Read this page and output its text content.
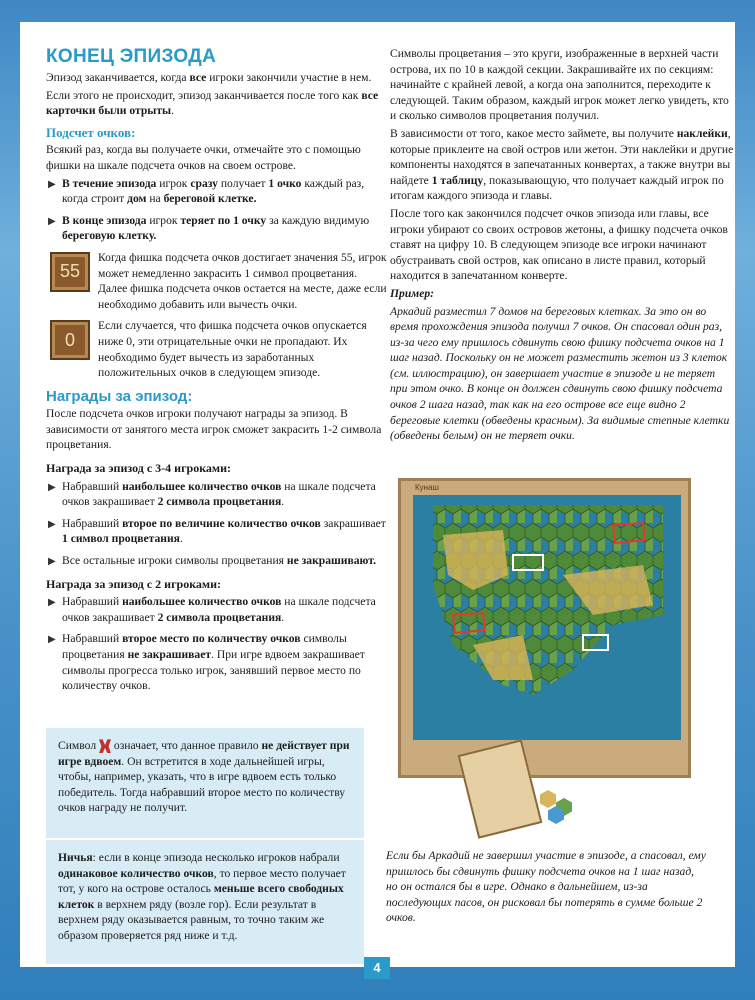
КОНЕЦ ЭПИЗОДА

Эпизод заканчивается, когда все игроки закончили участие в нем.

Если этого не происходит, эпизод заканчивается после того как все карточки были отрыты.

Подсчет очков:

Всякий раз, когда вы получаете очки, отмечайте это с помощью фишки на шкале подсчета очков на своем острове.

▶ В течение эпизода игрок сразу получает 1 очко каждый раз, когда строит дом на береговой клетке.
▶ В конце эпизода игрок теряет по 1 очку за каждую видимую береговую клетку.
55
Когда фишка подсчета очков достигает значения 55, игрок может немедленно закрасить 1 символ процветания. Далее фишка подсчета очков остается на месте, даже если необходимо добавить или вычесть очки.
0
Если случается, что фишка подсчета очков опускается ниже 0, эти отрицательные очки не пропадают. Их необходимо будет вычесть из заработанных положительных очков в следующем эпизоде.
Награды за эпизод:

После подсчета очков игроки получают награды за эпизод. В зависимости от занятого места игрок сможет закрасить 1-2 символа процветания.

Награда за эпизод с 3-4 игроками:
▶ Набравший наибольшее количество очков на шкале подсчета очков закрашивает 2 символа процветания.
▶ Набравший второе по величине количество очков закрашивает 1 символ процветания.
▶ Все остальные игроки символы процветания не закрашивают.
Награда за эпизод с 2 игроками:
▶ Набравший наибольшее количество очков на шкале подсчета очков закрашивает 2 символа процветания.
▶ Набравший второе место по количеству очков символы процветания не закрашивает. При игре вдвоем закрашивает символы прогресса только игрок, занявший первое место по количеству очков.
Символ  означает, что данное правило не действует при игре вдвоем. Он встретится в ходе дальнейшей игры, чтобы, например, указать, что в игре вдвоем есть только победитель. Тогда набравший второе место по количеству очков награду не получит.
Ничья: если в конце эпизода несколько игроков набрали одинаковое количество очков, то первое место получает тот, у кого на острове осталось меньше всего свободных клеток в верхнем ряду (возле гор). Если результат в верхнем ряду оказывается равным, то точно таким же образом проверяется ряд ниже и т.д.

Символы процветания – это круги, изображенные в верхней части острова, их по 10 в каждой секции. Закрашивайте их по секциям: начинайте с крайней левой, а когда она заполнится, переходите к следующей. Таким образом, каждый игрок может легко увидеть, кто и сколько символов процветания получил.

В зависимости от того, какое место займете, вы получите наклейки, которые приклеите на свой остров или жетон. Эти наклейки и другие компоненты находятся в запечатанных конвертах, а также внутри вы найдете 1 таблицу, показывающую, что получает каждый игрок по итогам каждого эпизода и главы.

После того как закончился подсчет очков эпизода или главы, все игроки убирают со своих островов жетоны, а фишку подсчета очков ставят на цифру 10. В следующем эпизоде все игроки начинают обустраивать свой остров, как описано в листе правил, который находится в запечатанном конверте.

Пример:

Аркадий разместил 7 домов на береговых клетках. За это он во время прохождения эпизода получил 7 очков. Он спасовал один раз, из-за чего ему пришлось сдвинуть свою фишку подсчета очков на 1 шаг назад. Поскольку он не может разместить жетон из 3 клеток (см. иллюстрацию), он завершает участие в эпизоде и не теряет при этом очко. В конце он должен сдвинуть свою фишку подсчета очков 2 шага назад, так как на его острове все еще видно 2 береговые клетки (обведены красным). За видимые степные клетки (обведены белым) он не теряет очки.

Кунаш
Если бы Аркадий не завершил участие в эпизоде, а спасовал, ему пришлось бы сдвинуть фишку подсчета очков на 1 шаг назад, но он остался бы в игре. Однако в дальнейшем, из-за последующих пасов, он рисковал бы потерять в сумме больше 2 очков.
4
